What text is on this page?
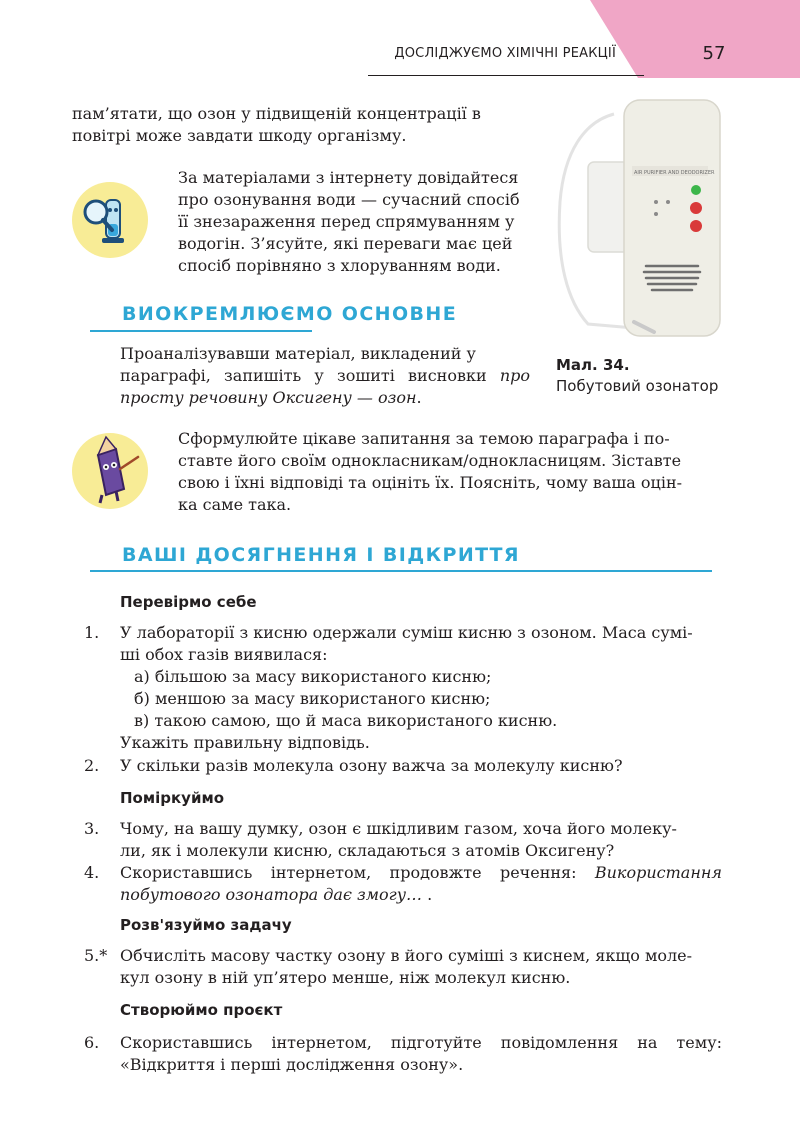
ДОСЛІДЖУЄМО ХІМІЧНІ РЕАКЦІЇ	57
пам’ятати, що озон у підвищеній концентрації в
повітрі може завдати шкоду організму.
За матеріалами з інтернету довідайтеся
про озонування води — сучасний спосіб
її знезараження перед спрямуванням у
водогін. З’ясуйте, які переваги має цей
спосіб порівняно з хлоруванням води.
AIR PURIFIER AND DEODORIZER
Мал. 34.
Побутовий озонатор
ВИОКРЕМЛЮЄМО ОСНОВНЕ
Проаналізувавши матеріал, викладений у
параграфі, запишіть у зошиті висновки про
просту речовину Оксигену — озон.
Сформулюйте цікаве запитання за темою параграфа і по-
ставте його своїм однокласникам/однокласницям. Зіставте
свою і їхні відповіді та оцініть їх. Поясніть, чому ваша оцін-
ка саме така.
ВАШІ ДОСЯГНЕННЯ І ВІДКРИТТЯ
Перевірмо себе
1.	У лабораторії з кисню одержали суміш кисню з озоном. Маса сумі-
ші обох газів виявилася:
а) більшою за масу використаного кисню;
б) меншою за масу використаного кисню;
в) такою самою, що й маса використаного кисню.
Укажіть правильну відповідь.
2.	У скільки разів молекула озону важча за молекулу кисню?
Поміркуймо
3.	Чому, на вашу думку, озон є шкідливим газом, хоча його молеку-
ли, як і молекули кисню, складаються з атомів Оксигену?
4.	Скориставшись інтернетом, продовжте речення: Використання
побутового озонатора дає змогу… .
Розв'язуймо задачу
5.* Обчисліть масову частку озону в його суміші з киснем, якщо моле-
кул озону в ній уп’ятеро менше, ніж молекул кисню.
Створюймо проєкт
6.	Скориставшись інтернетом, підготуйте повідомлення на тему:
«Відкриття і перші дослідження озону».
